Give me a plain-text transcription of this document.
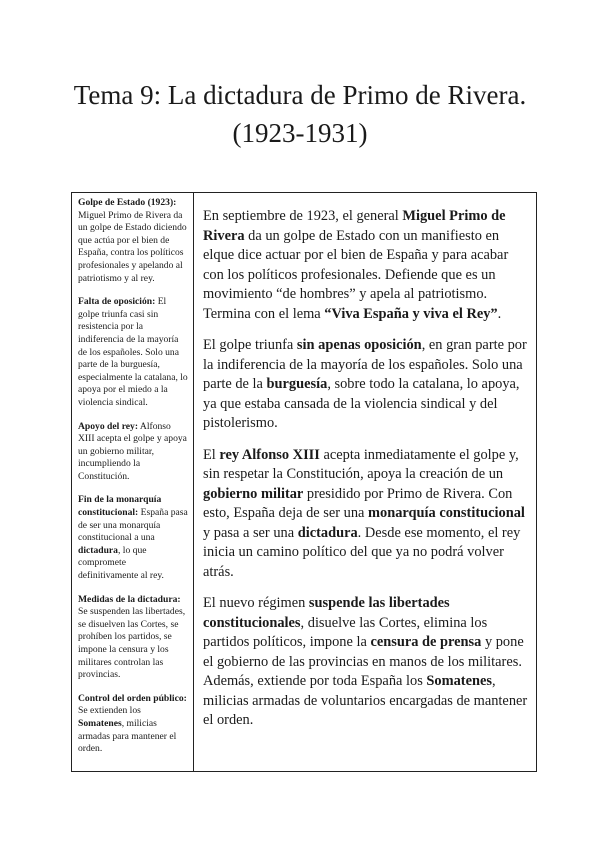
Tema 9: La dictadura de Primo de Rivera.
(1923-1931)
Golpe de Estado (1923): Miguel Primo de Rivera da un golpe de Estado diciendo que actúa por el bien de España, contra los políticos profesionales y apelando al patriotismo y al rey.
Falta de oposición: El golpe triunfa casi sin resistencia por la indiferencia de la mayoría de los españoles. Solo una parte de la burguesía, especialmente la catalana, lo apoya por el miedo a la violencia sindical.
Apoyo del rey: Alfonso XIII acepta el golpe y apoya un gobierno militar, incumpliendo la Constitución.
Fin de la monarquía constitucional: España pasa de ser una monarquía constitucional a una dictadura, lo que compromete definitivamente al rey.
Medidas de la dictadura: Se suspenden las libertades, se disuelven las Cortes, se prohíben los partidos, se impone la censura y los militares controlan las provincias.
Control del orden público: Se extienden los Somatenes, milicias armadas para mantener el orden.

En septiembre de 1923, el general Miguel Primo de Rivera da un golpe de Estado con un manifiesto en elque dice actuar por el bien de España y para acabar con los políticos profesionales. Defiende que es un movimiento “de hombres” y apela al patriotismo. Termina con el lema “Viva España y viva el Rey”.
El golpe triunfa sin apenas oposición, en gran parte por la indiferencia de la mayoría de los españoles. Solo una parte de la burguesía, sobre todo la catalana, lo apoya, ya que estaba cansada de la violencia sindical y del pistolerismo.
El rey Alfonso XIII acepta inmediatamente el golpe y, sin respetar la Constitución, apoya la creación de un gobierno militar presidido por Primo de Rivera. Con esto, España deja de ser una monarquía constitucional y pasa a ser una dictadura. Desde ese momento, el rey inicia un camino político del que ya no podrá volver atrás.
El nuevo régimen suspende las libertades constitucionales, disuelve las Cortes, elimina los partidos políticos, impone la censura de prensa y pone el gobierno de las provincias en manos de los militares. Además, extiende por toda España los Somatenes, milicias armadas de voluntarios encargadas de mantener el orden.
